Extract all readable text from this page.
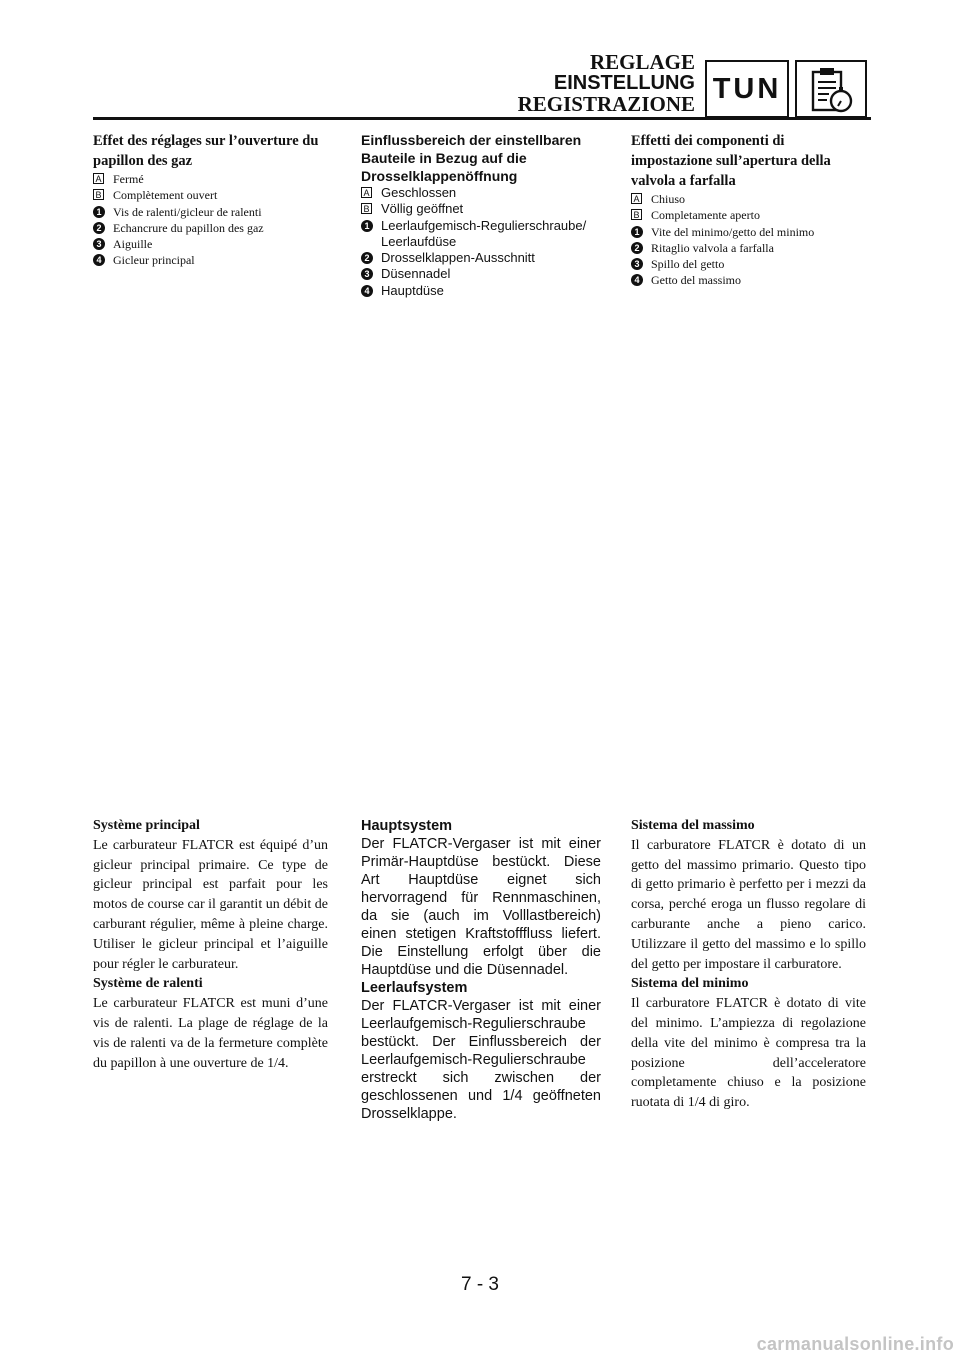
REGLAGE
EINSTELLUNG
REGISTRAZIONE TUN

Effet des réglages sur l’ouverture du papillon des gaz

A Fermé
B Complètement ouvert
1 Vis de ralenti/gicleur de ralenti
2 Echancrure du papillon des gaz
3 Aiguille
4 Gicleur principal

Einflussbereich der einstellbaren Bauteile in Bezug auf die Drosselklappenöffnung

A Geschlossen
B Völlig geöffnet
1 Leerlaufgemisch-Regulierschraube/ Leerlaufdüse
2 Drosselklappen-Ausschnitt
3 Düsennadel
4 Hauptdüse

Effetti dei componenti di impostazione sull’apertura della valvola a farfalla

A Chiuso
B Completamente aperto
1 Vite del minimo/getto del minimo
2 Ritaglio valvola a farfalla
3 Spillo del getto
4 Getto del massimo

Système principal

Le carburateur FLATCR est équipé d’un gicleur principal primaire. Ce type de gicleur principal est parfait pour les motos de course car il garantit un débit de carburant régulier, même à pleine charge. Utiliser le gicleur principal et l’aiguille pour régler le carburateur.

Système de ralenti

Le carburateur FLATCR est muni d’une vis de ralenti. La plage de réglage de la vis de ralenti va de la fermeture complète du papillon à une ouverture de 1/4.

Hauptsystem

Der FLATCR-Vergaser ist mit einer Primär-Hauptdüse bestückt. Diese Art Hauptdüse eignet sich hervorragend für Rennmaschinen, da sie (auch im Volllastbereich) einen stetigen Kraftstofffluss liefert. Die Einstellung erfolgt über die Hauptdüse und die Düsennadel.

Leerlaufsystem

Der FLATCR-Vergaser ist mit einer Leerlaufgemisch-Regulierschraube bestückt. Der Einflussbereich der Leerlaufgemisch-Regulierschraube erstreckt sich zwischen der geschlossenen und 1/4 geöffneten Drosselklappe.

Sistema del massimo

Il carburatore FLATCR è dotato di un getto del massimo primario. Questo tipo di getto primario è perfetto per i mezzi da corsa, perché eroga un flusso regolare di carburante anche a pieno carico. Utilizzare il getto del massimo e lo spillo del getto per impostare il carburatore.

Sistema del minimo

Il carburatore FLATCR è dotato di vite del minimo. L’ampiezza di regolazione della vite del minimo è compresa tra la posizione dell’acceleratore completamente chiuso e la posizione ruotata di 1/4 di giro.

7 - 3
carmanualsonline.info
